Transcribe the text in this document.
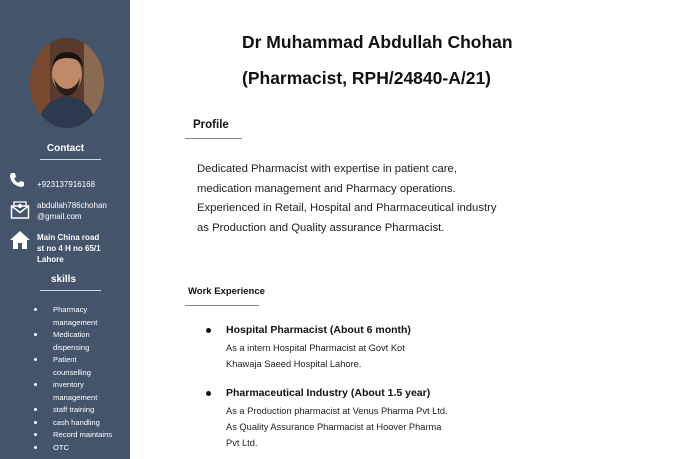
Contact
+923137916168
abdullah786chohan
@gmail.com
Main China road
st no 4 H no 65/1
Lahore
skills
Pharmacy
management
Medication
dispensing
Patient
counselling
inventory
management
staff training
cash handling
Record maintains
OTC
Dr Muhammad Abdullah Chohan
(Pharmacist, RPH/24840-A/21)
Profile
Dedicated Pharmacist with expertise in patient care,
medication management and Pharmacy operations.
Experienced in Retail, Hospital and Pharmaceutical industry
as Production and Quality assurance Pharmacist.
Work Experience
Hospital Pharmacist (About 6 month)
As a intern Hospital Pharmacist at Govt Kot
Khawaja Saeed Hospital Lahore.
Pharmaceutical Industry (About 1.5 year)
As a Production pharmacist at Venus Pharma Pvt Ltd.
As Quality Assurance Pharmacist at Hoover Pharma
Pvt Ltd.
